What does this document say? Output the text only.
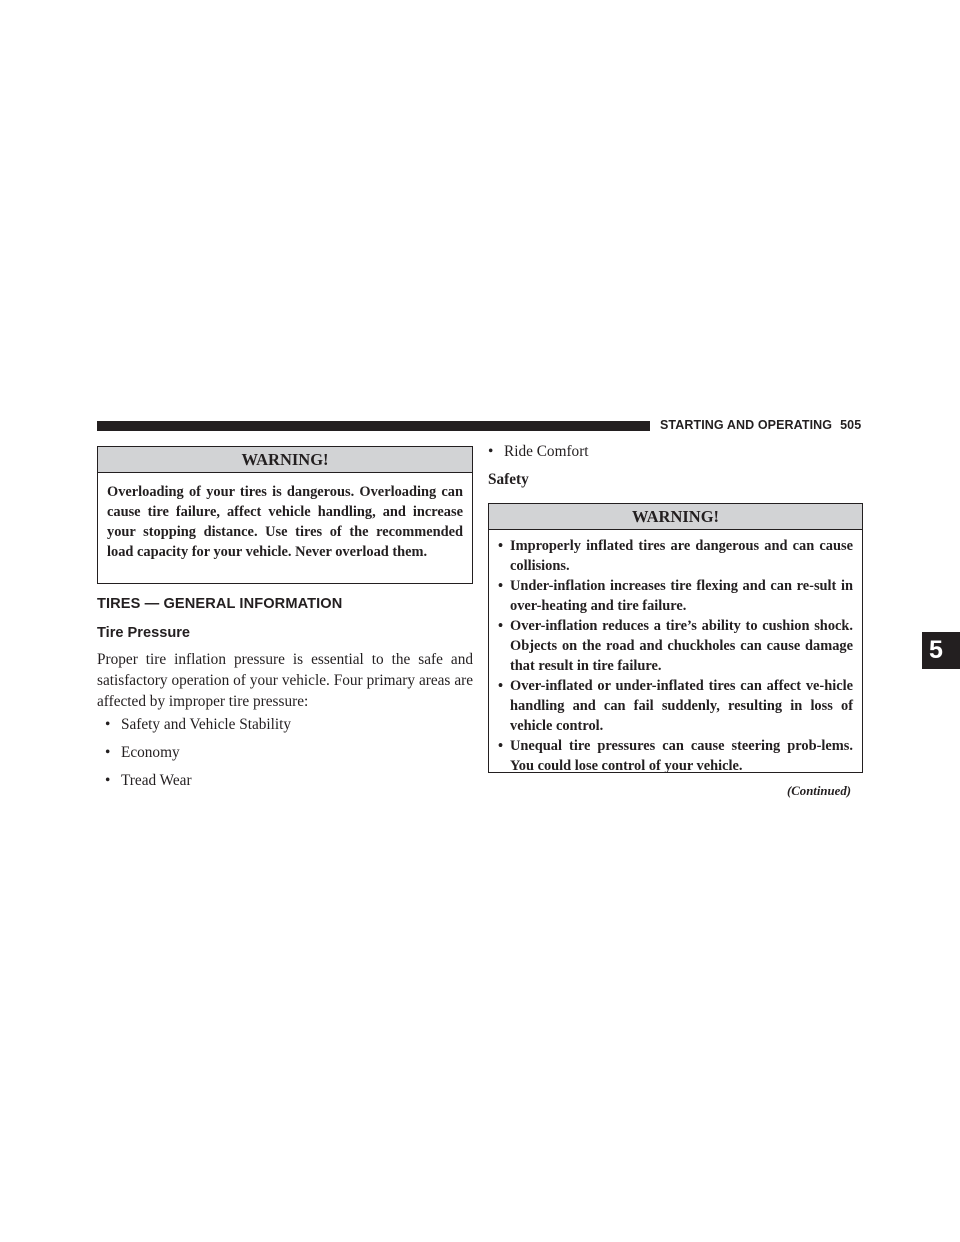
STARTING AND OPERATING 505
WARNING!
Overloading of your tires is dangerous. Overloading can cause tire failure, affect vehicle handling, and increase your stopping distance. Use tires of the recommended load capacity for your vehicle. Never overload them.
TIRES — GENERAL INFORMATION
Tire Pressure
Proper tire inflation pressure is essential to the safe and satisfactory operation of your vehicle. Four primary areas are affected by improper tire pressure:
• Safety and Vehicle Stability
• Economy
• Tread Wear
• Ride Comfort
Safety
WARNING!
• Improperly inflated tires are dangerous and can cause collisions.
• Under-inflation increases tire flexing and can re-sult in over-heating and tire failure.
• Over-inflation reduces a tire’s ability to cushion shock. Objects on the road and chuckholes can cause damage that result in tire failure.
• Over-inflated or under-inflated tires can affect ve-hicle handling and can fail suddenly, resulting in loss of vehicle control.
• Unequal tire pressures can cause steering prob-lems. You could lose control of your vehicle.
(Continued)
5
